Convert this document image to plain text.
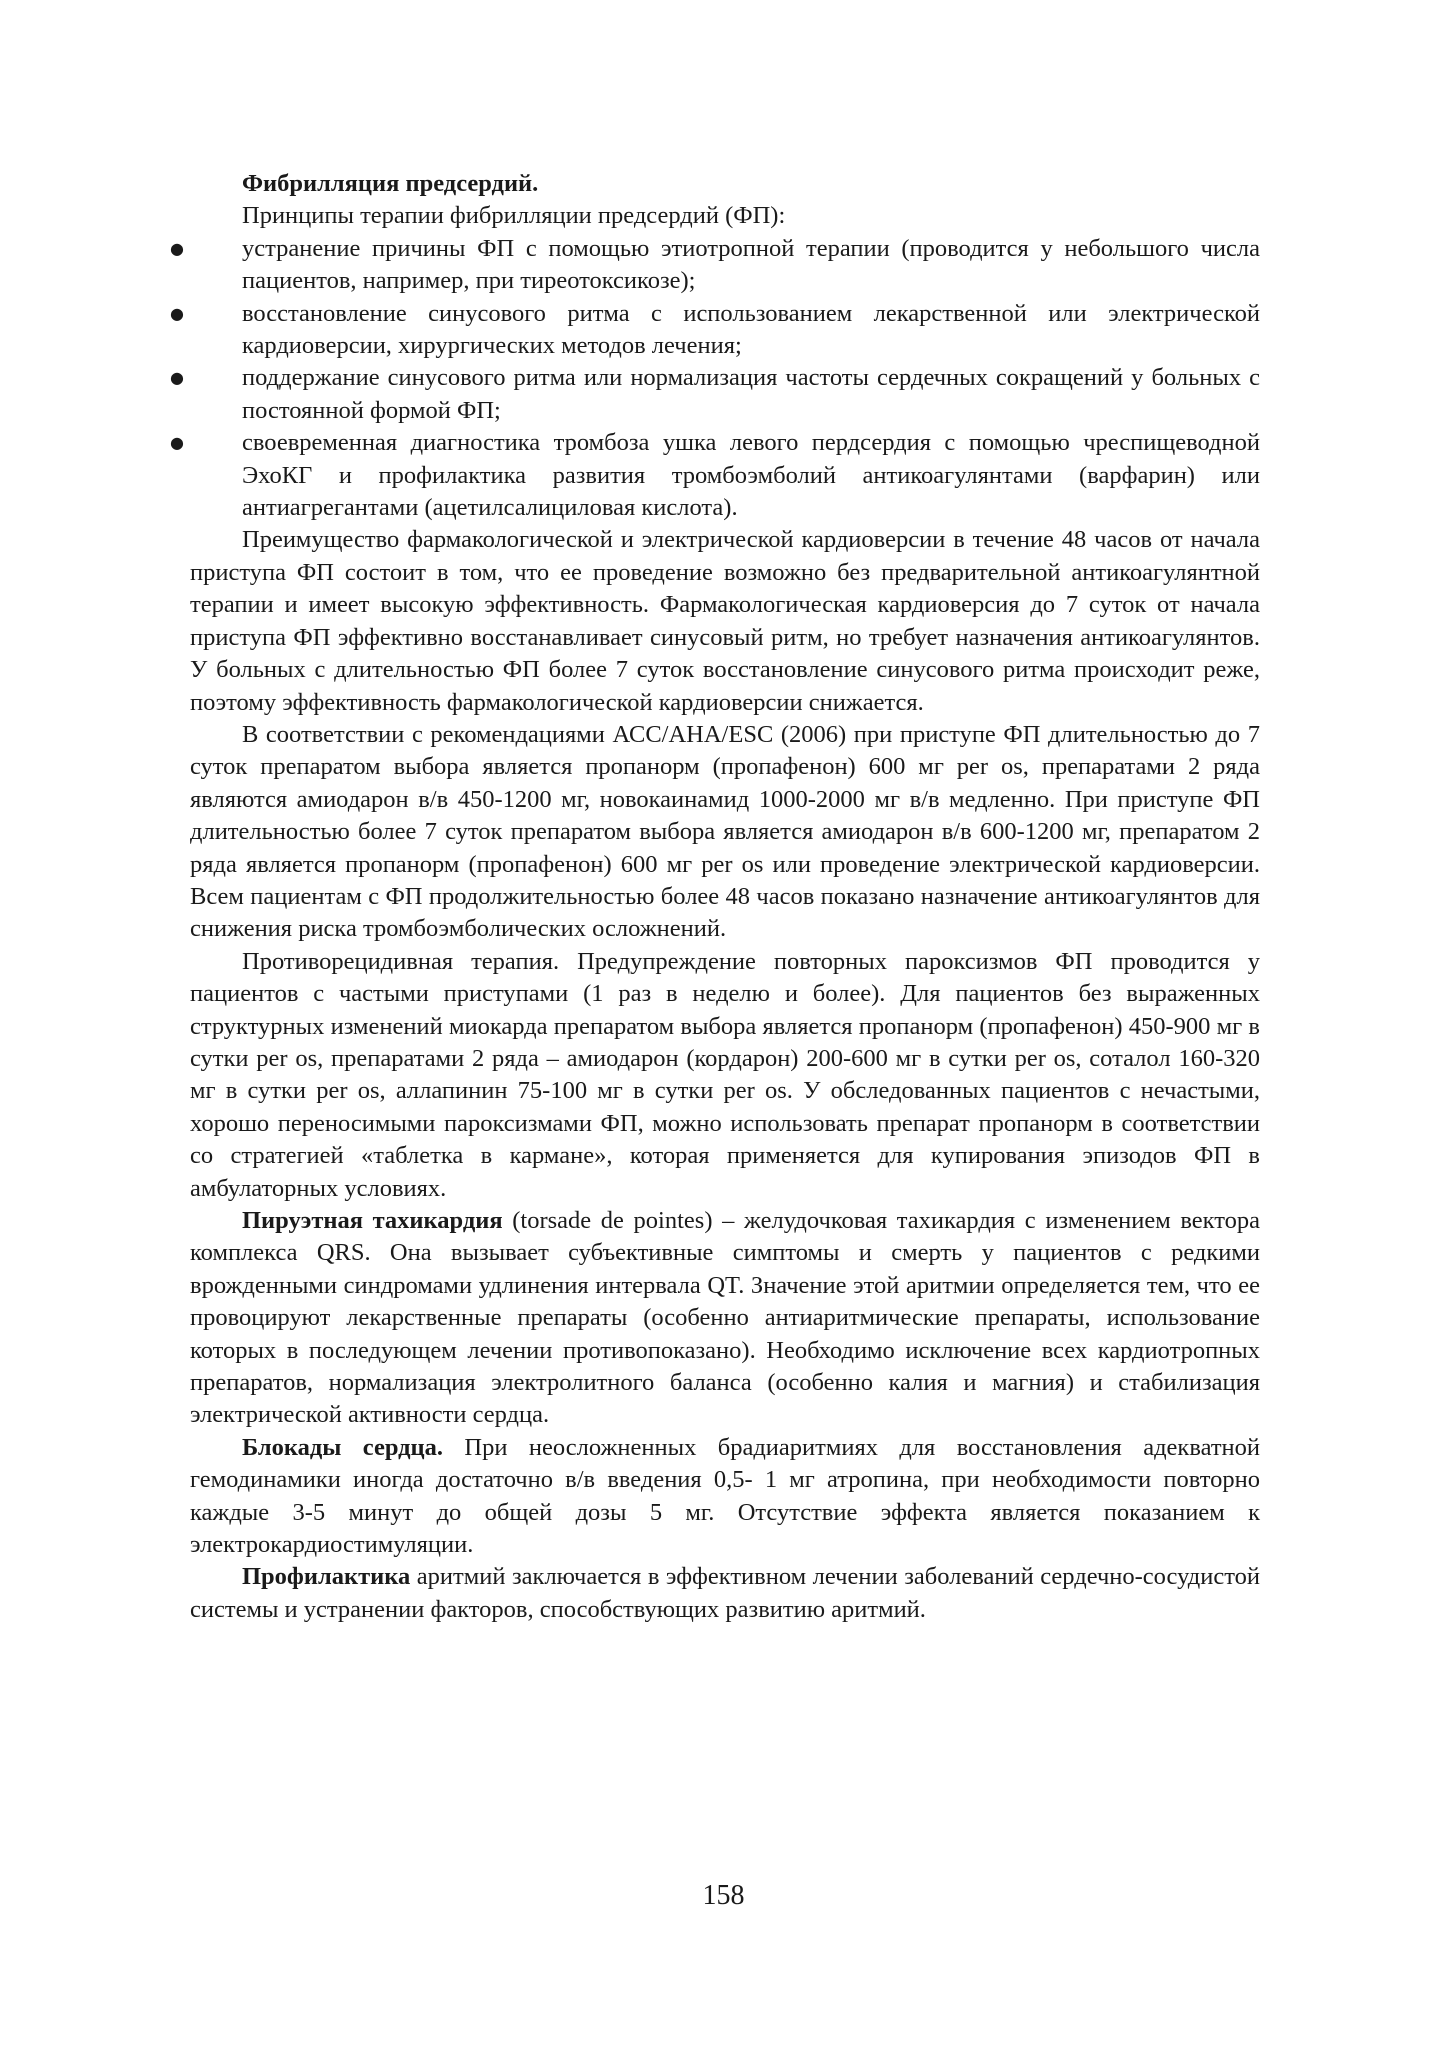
Фибрилляция предсердий.

Принципы терапии фибрилляции предсердий (ФП):

● устранение причины ФП с помощью этиотропной терапии (проводится у небольшого числа пациентов, например, при тиреотоксикозе);
● восстановление синусового ритма с использованием лекарственной или электрической кардиоверсии, хирургических методов лечения;
● поддержание синусового ритма или нормализация частоты сердечных сокращений у больных с постоянной формой ФП;
● своевременная диагностика тромбоза ушка левого пердсердия с помощью чреспищеводной ЭхоКГ и профилактика развития тромбоэмболий антикоагулянтами (варфарин) или антиагрегантами (ацетилсалициловая кислота).

Преимущество фармакологической и электрической кардиоверсии в течение 48 часов от начала приступа ФП состоит в том, что ее проведение возможно без предварительной антикоагулянтной терапии и имеет высокую эффективность. Фармакологическая кардиоверсия до 7 суток от начала приступа ФП эффективно восстанавливает синусовый ритм, но требует назначения антикоагулянтов. У больных с длительностью ФП более 7 суток восстановление синусового ритма происходит реже, поэтому эффективность фармакологической кардиоверсии снижается.

В соответствии с рекомендациями АСС/АНА/ESC (2006) при приступе ФП длительностью до 7 суток препаратом выбора является пропанорм (пропафенон) 600 мг per os, препаратами 2 ряда являются амиодарон в/в 450-1200 мг, новокаинамид 1000-2000 мг в/в медленно. При приступе ФП длительностью более 7 суток препаратом выбора является амиодарон в/в 600-1200 мг, препаратом 2 ряда является пропанорм (пропафенон) 600 мг per os или проведение электрической кардиоверсии. Всем пациентам с ФП продолжительностью более 48 часов показано назначение антикоагулянтов для снижения риска тромбоэмболических осложнений.

Противорецидивная терапия. Предупреждение повторных пароксизмов ФП проводится у пациентов с частыми приступами (1 раз в неделю и более). Для пациентов без выраженных структурных изменений миокарда препаратом выбора является пропанорм (пропафенон) 450-900 мг в сутки per os, препаратами 2 ряда – амиодарон (кордарон) 200-600 мг в сутки per os, соталол 160-320 мг в сутки per os, аллапинин 75-100 мг в сутки per os. У обследованных пациентов с нечастыми, хорошо переносимыми пароксизмами ФП, можно использовать препарат пропанорм в соответствии со стратегией «таблетка в кармане», которая применяется для купирования эпизодов ФП в амбулаторных условиях.

Пируэтная тахикардия (torsade de pointes) – желудочковая тахикардия с изменением вектора комплекса QRS. Она вызывает субъективные симптомы и смерть у пациентов с редкими врожденными синдромами удлинения интервала QT. Значение этой аритмии определяется тем, что ее провоцируют лекарственные препараты (особенно антиаритмические препараты, использование которых в последующем лечении противопоказано). Необходимо исключение всех кардиотропных препаратов, нормализация электролитного баланса (особенно калия и магния) и стабилизация электрической активности сердца.

Блокады сердца. При неосложненных брадиаритмиях для восстановления адекватной гемодинамики иногда достаточно в/в введения 0,5- 1 мг атропина, при необходимости повторно каждые 3-5 минут до общей дозы 5 мг. Отсутствие эффекта является показанием к электрокардиостимуляции.

Профилактика аритмий заключается в эффективном лечении заболеваний сердечно-сосудистой системы и устранении факторов, способствующих развитию аритмий.

158
